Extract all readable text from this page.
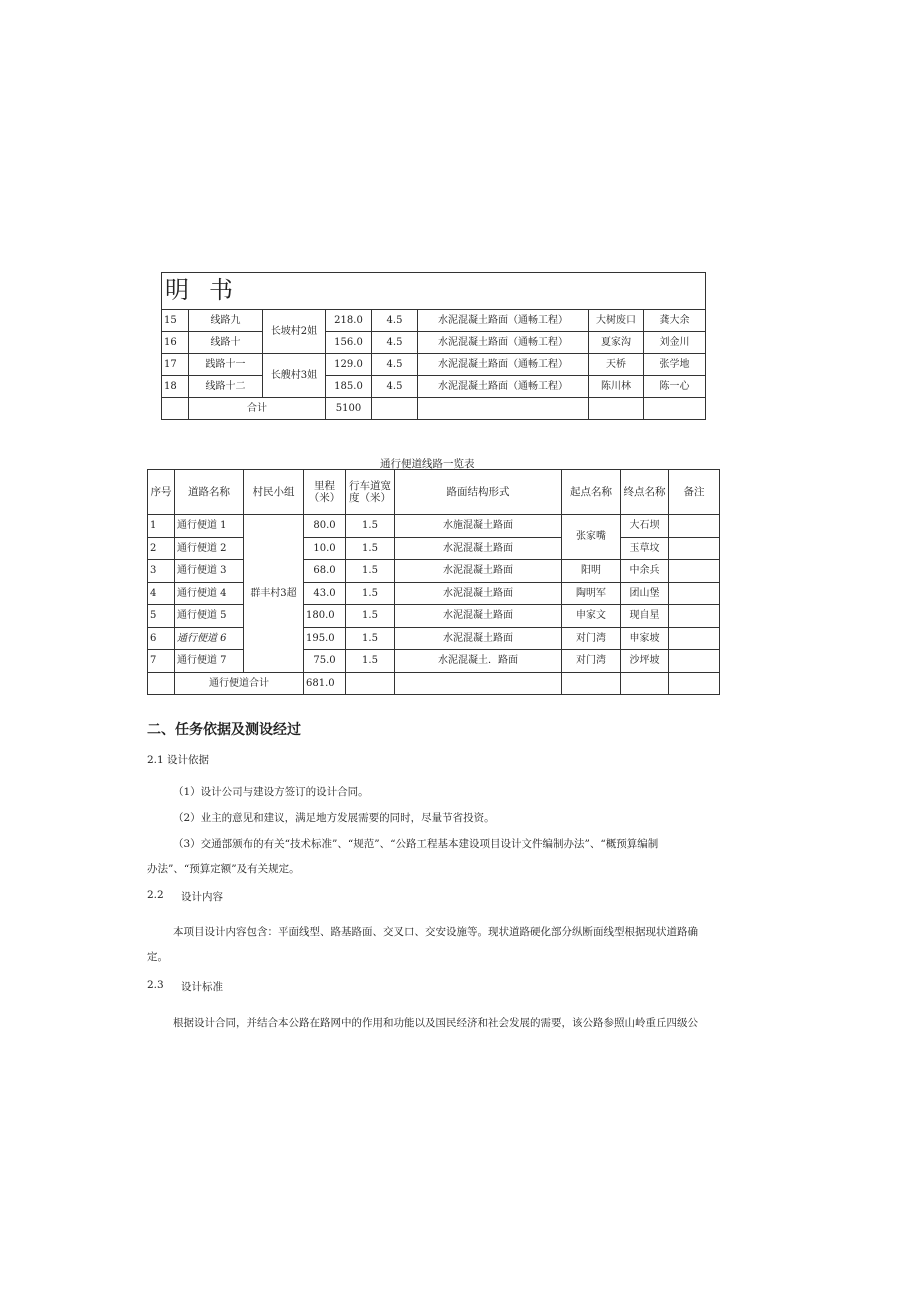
明 书							
15	线路九	长坡村2姐	218.0	4.5	水泥混凝土路面（通畅工程）	大树废口	龚大余
16	线路十		156.0	4.5	水泥混凝土路面（通畅工程）	夏家沟	刘金川
17	践路十一	长艘村3姐	129.0	4.5	水泥混凝土路面（通畅工程）	天桥	张学地
18	线路十二		185.0	4.5	水泥混凝土路面（通畅工程）	陈川林	陈一心
	合计		5100				
通行便道线路一览表
序号	道路名称	村民小组	里程（米）	行车道宽度（米）	路面结构形式	起点名称	终点名称	备注
1	通行便道 1	群丰村3超	80.0	1.5	水施混凝土路面	张家嘴	大石坝	
2	通行便道 2		10.0	1.5	水泥混凝土路面		玉草坟	
3	通行便道 3		68.0	1.5	水泥混凝土路面	阳明	中余兵	
4	通行便道 4		43.0	1.5	水泥混凝土路面	陶明军	团山堡	
5	通行便道 5		180.0	1.5	水泥混凝土路面	申家文	现自星	
6	通行便道 6		195.0	1.5	水泥混凝土路面	对门湾	申家坡	
7	通行便道 7		75.0	1.5	水泥混凝土．路面	对门湾	沙坪坡	
	通行便道合计		681.0					
二、任务依据及测设经过
2.1 设计依据
（1）设计公司与建设方签订的设计合同。
（2）业主的意见和建议，满足地方发展需要的同时，尽量节省投资。
（3）交通部颁布的有关“技术标准”、“规范”、“公路工程基本建设项目设计文件编制办法”、“概预算编制
办法”、“预算定额”及有关规定。
2.2 设计内容
本项目设计内容包含：平面线型、路基路面、交叉口、交安设施等。现状道路硬化部分纵断面线型根据现状道路确
定。
2.3 设计标准
根据设计合同，并结合本公路在路网中的作用和功能以及国民经济和社会发展的需要，该公路参照山岭重丘四级公
